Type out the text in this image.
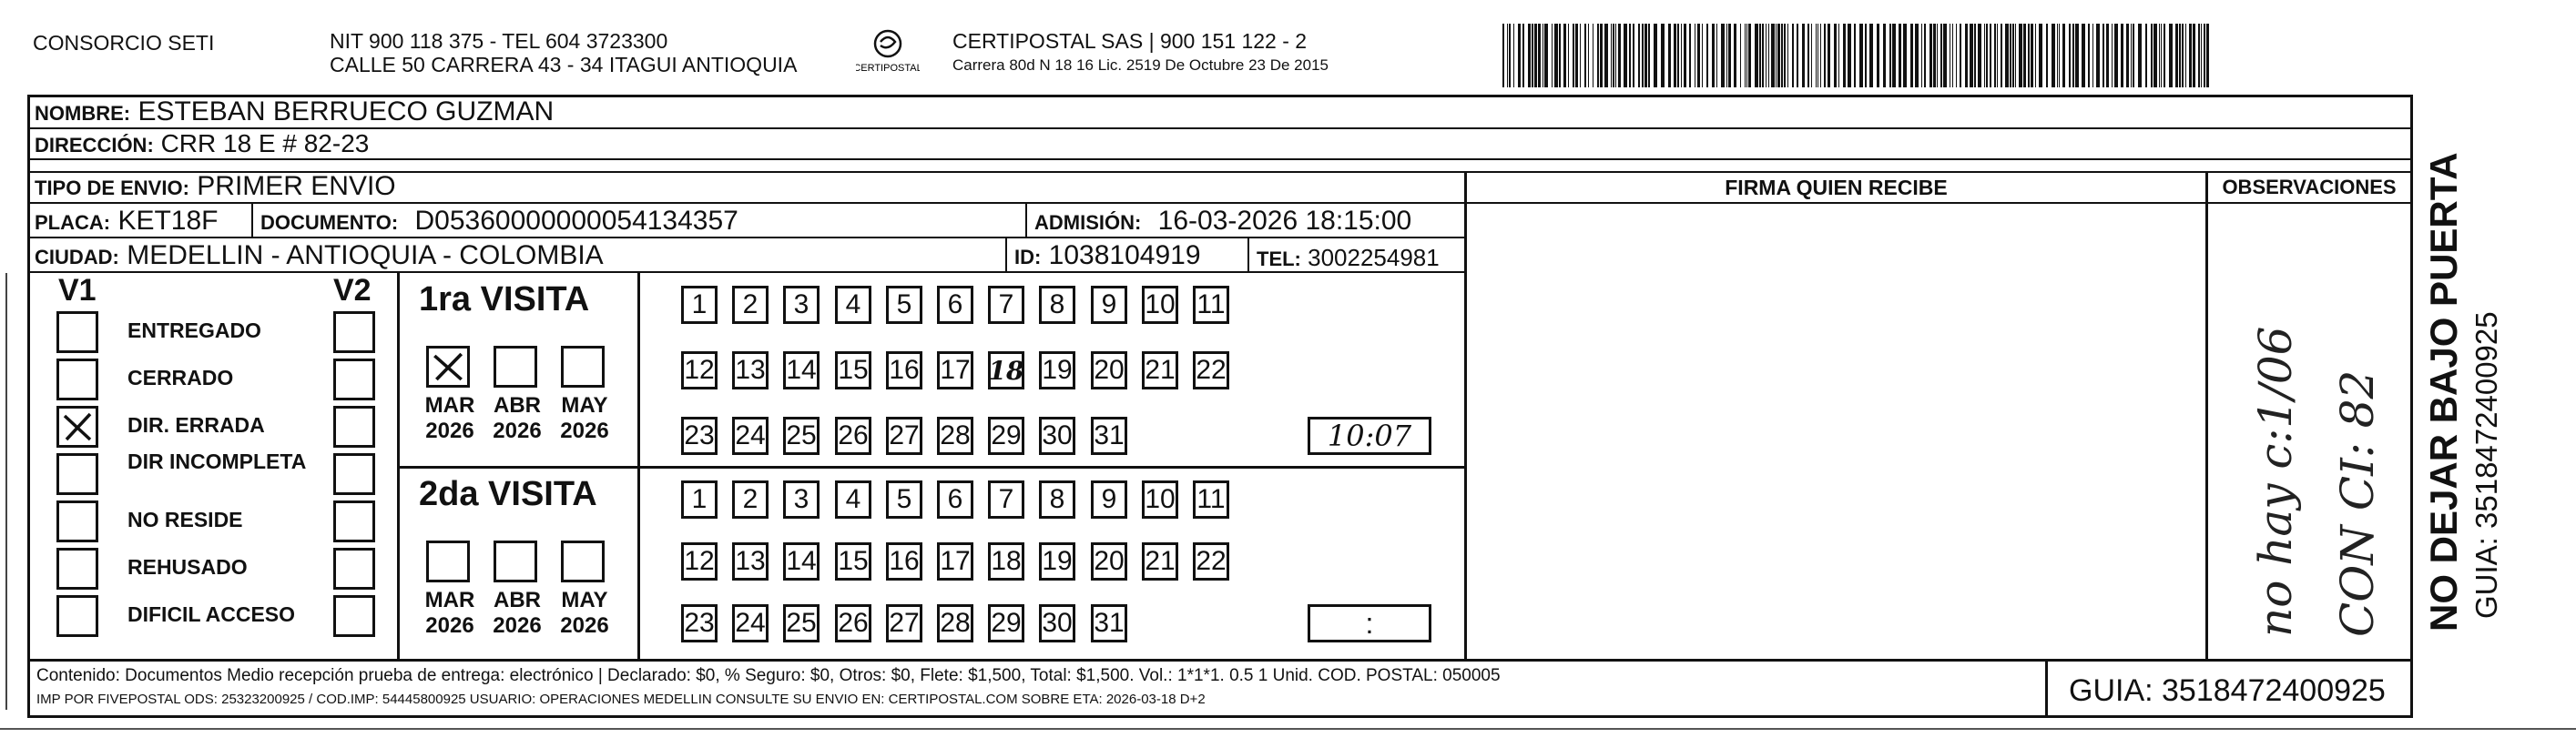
CONSORCIO SETI	NIT 900 118 375 - TEL 604 3723300
CALLE 50 CARRERA 43 - 34 ITAGUI ANTIOQUIA	CERTIPOSTAL
CERTIPOSTAL SAS | 900 151 122 - 2
Carrera 80d N 18 16 Lic. 2519 De Octubre 23 De 2015
NOMBRE: ESTEBAN BERRUECO GUZMAN
DIRECCIÓN: CRR 18 E # 82-23
TIPO DE ENVIO: PRIMER ENVIO
PLACA: KET18F DOCUMENTO: D05360000000054134357	ADMISIÓN: 16-03-2026 18:15:00
CIUDAD: MEDELLIN - ANTIOQUIA - COLOMBIA	ID: 1038104919	TEL: 3002254981
FIRMA QUIEN RECIBE	OBSERVACIONES
no hay c:1/06 CON CI: 82
V1	V2
ENTREGADO
CERRADO
DIR. ERRADA
DIR INCOMPLETA
NO RESIDE
REHUSADO
DIFICIL ACCESO
1ra VISITA
MAR
2026
ABR
2026
MAY
2026
1	2	3	4	5	6	7	8	9	10 11
12 13 14 15 16 17 18 19 20 21 22
23 24 25 26 27 28 29 30 31	10:07
2da VISITA
MAR
2026
ABR
2026
MAY
2026
1	2	3	4	5	6	7	8	9	10 11
12 13 14 15 16 17 18 19 20 21 22
23 24 25 26 27 28 29 30 31	:
Contenido: Documentos Medio recepción prueba de entrega: electrónico | Declarado: $0, % Seguro: $0, Otros: $0, Flete: $1,500, Total: $1,500. Vol.: 1*1*1. 0.5 1 Unid. COD. POSTAL: 050005
IMP POR FIVEPOSTAL ODS: 25323200925 / COD.IMP: 54445800925 USUARIO: OPERACIONES MEDELLIN CONSULTE SU ENVIO EN: CERTIPOSTAL.COM SOBRE ETA: 2026-03-18 D+2	GUIA: 3518472400925
NO DEJAR BAJO PUERTA GUIA: 3518472400925
